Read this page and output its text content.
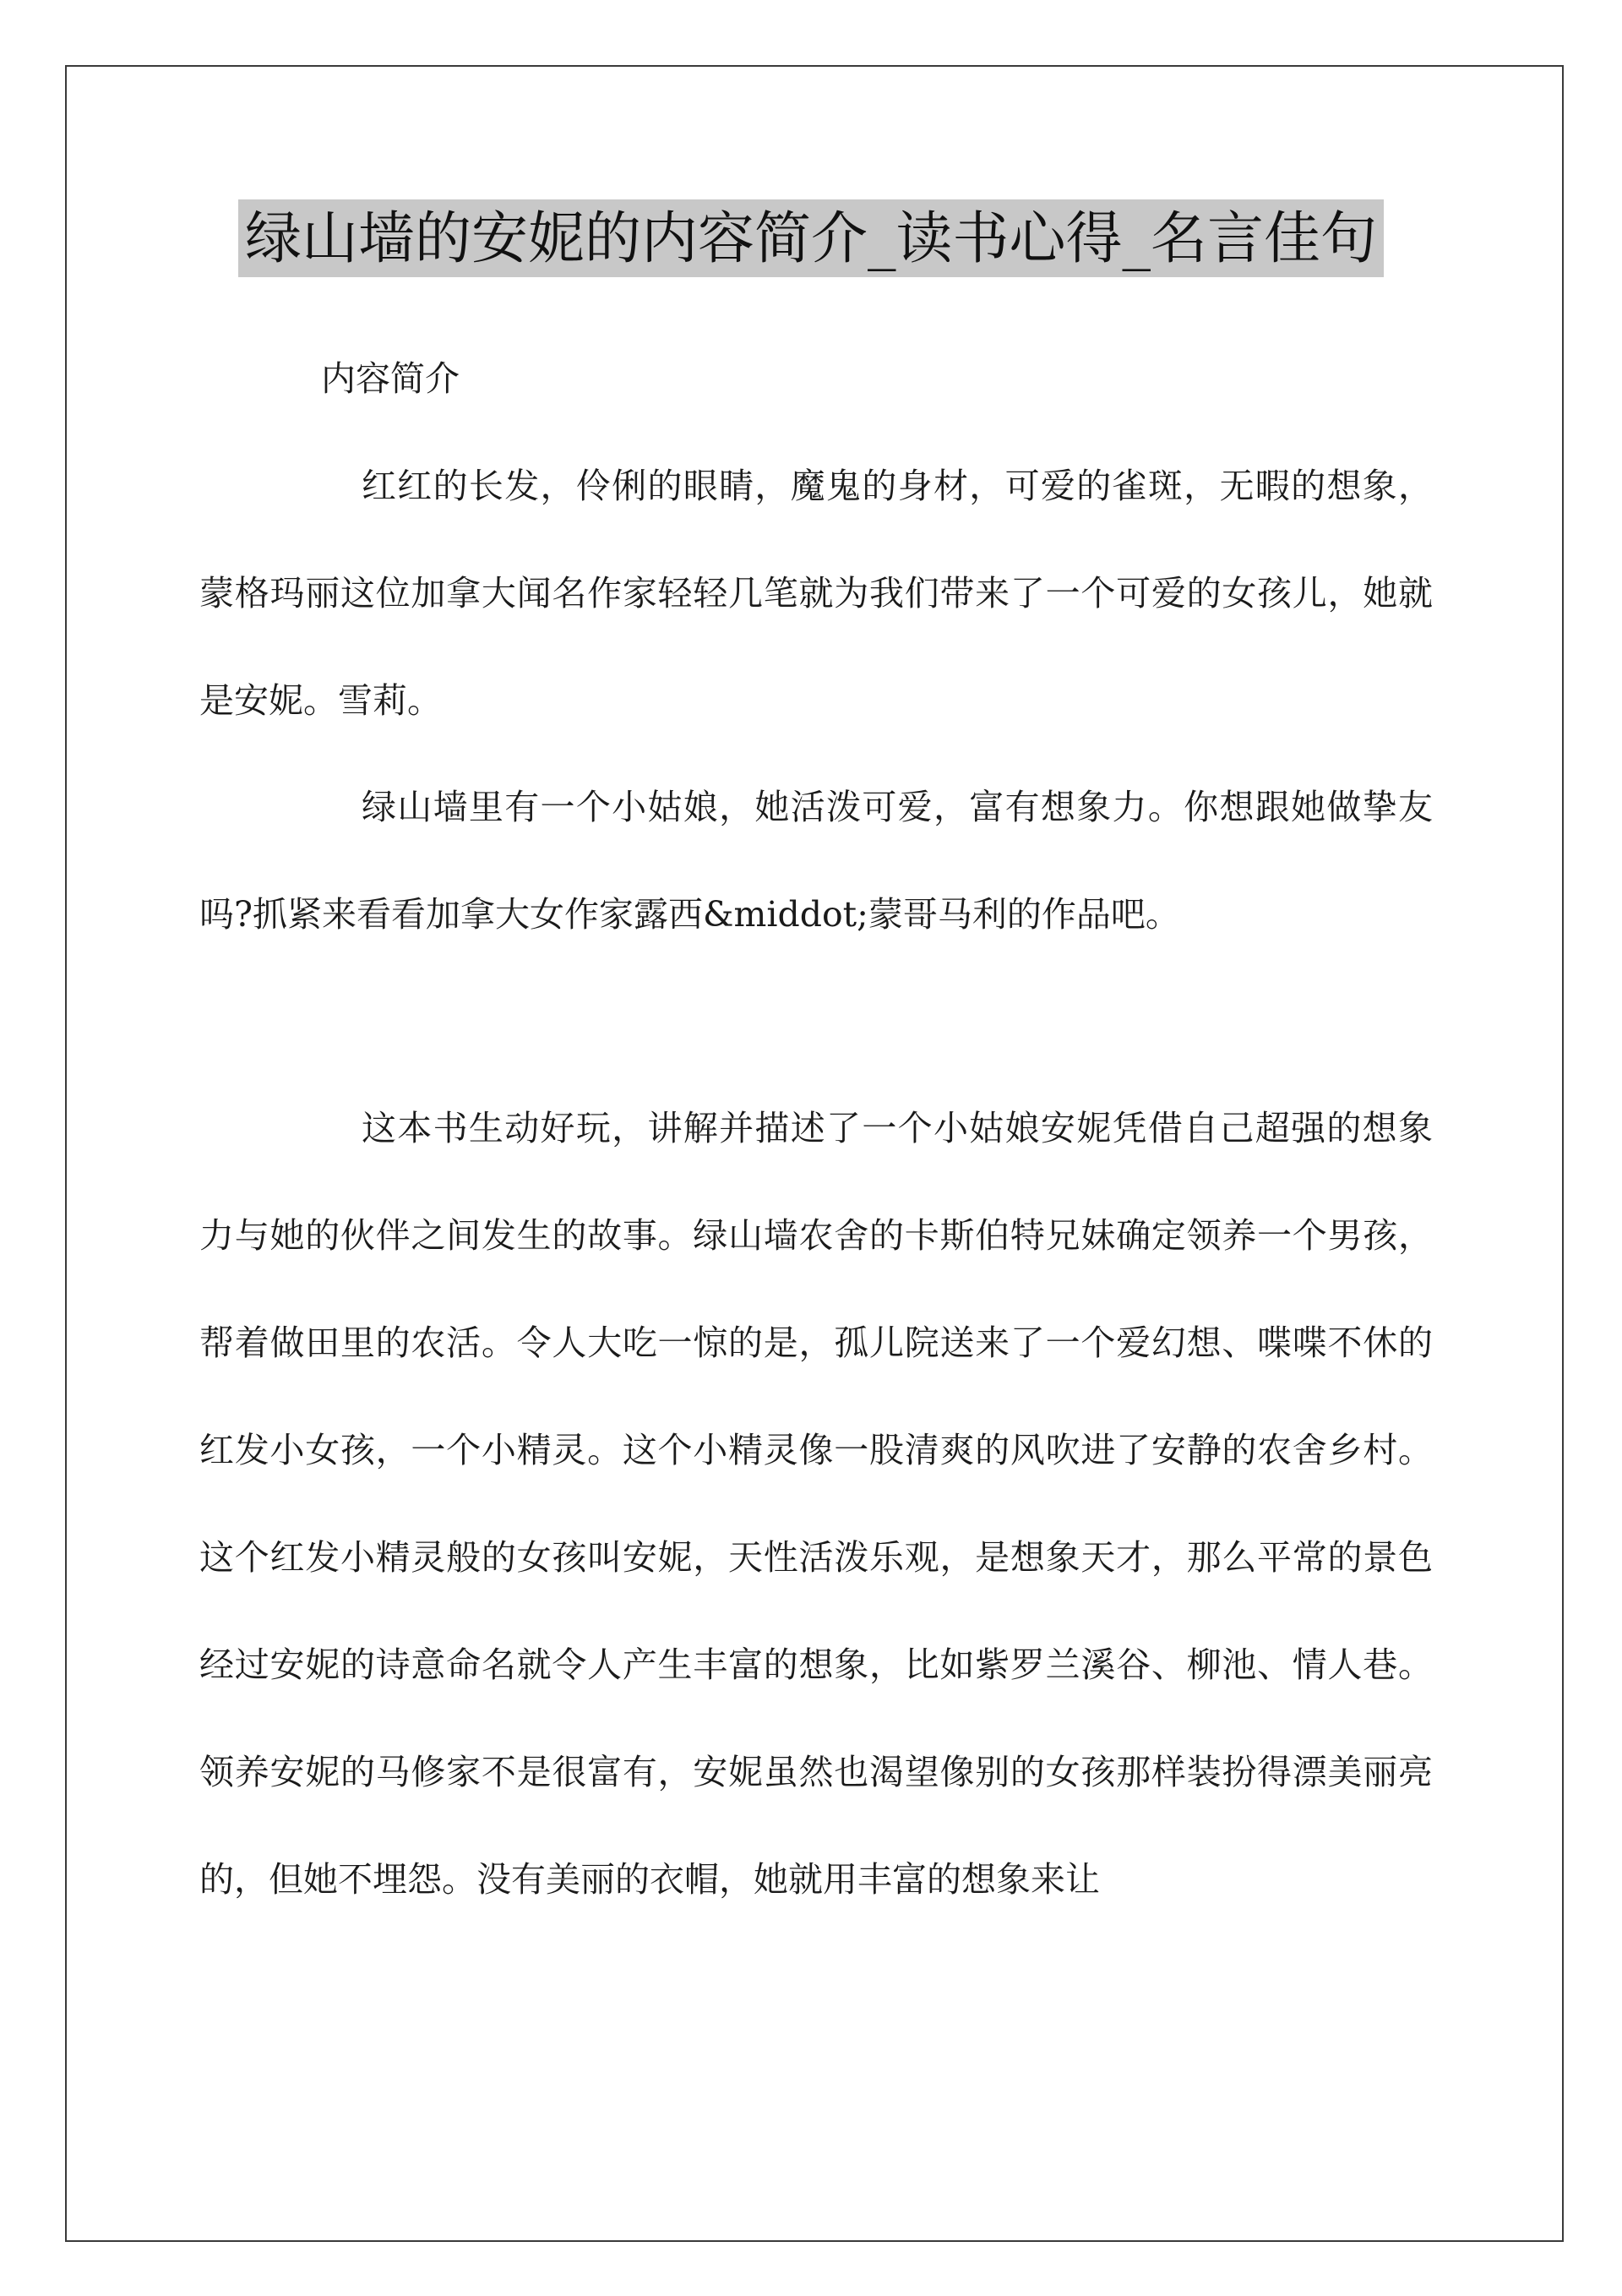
绿山墙的安妮的内容简介_读书心得_名言佳句
内容简介

红红的长发，伶俐的眼睛，魔鬼的身材，可爱的雀斑，无暇的想象，蒙格玛丽这位加拿大闻名作家轻轻几笔就为我们带来了一个可爱的女孩儿，她就是安妮。雪莉。

绿山墙里有一个小姑娘，她活泼可爱，富有想象力。你想跟她做挚友吗?抓紧来看看加拿大女作家露西&middot;蒙哥马利的作品吧。

这本书生动好玩，讲解并描述了一个小姑娘安妮凭借自己超强的想象力与她的伙伴之间发生的故事。绿山墙农舍的卡斯伯特兄妹确定领养一个男孩，帮着做田里的农活。令人大吃一惊的是，孤儿院送来了一个爱幻想、喋喋不休的红发小女孩，一个小精灵。这个小精灵像一股清爽的风吹进了安静的农舍乡村。这个红发小精灵般的女孩叫安妮，天性活泼乐观，是想象天才，那么平常的景色经过安妮的诗意命名就令人产生丰富的想象，比如紫罗兰溪谷、柳池、情人巷。领养安妮的马修家不是很富有，安妮虽然也渴望像别的女孩那样装扮得漂美丽亮的，但她不埋怨。没有美丽的衣帽，她就用丰富的想象来让
